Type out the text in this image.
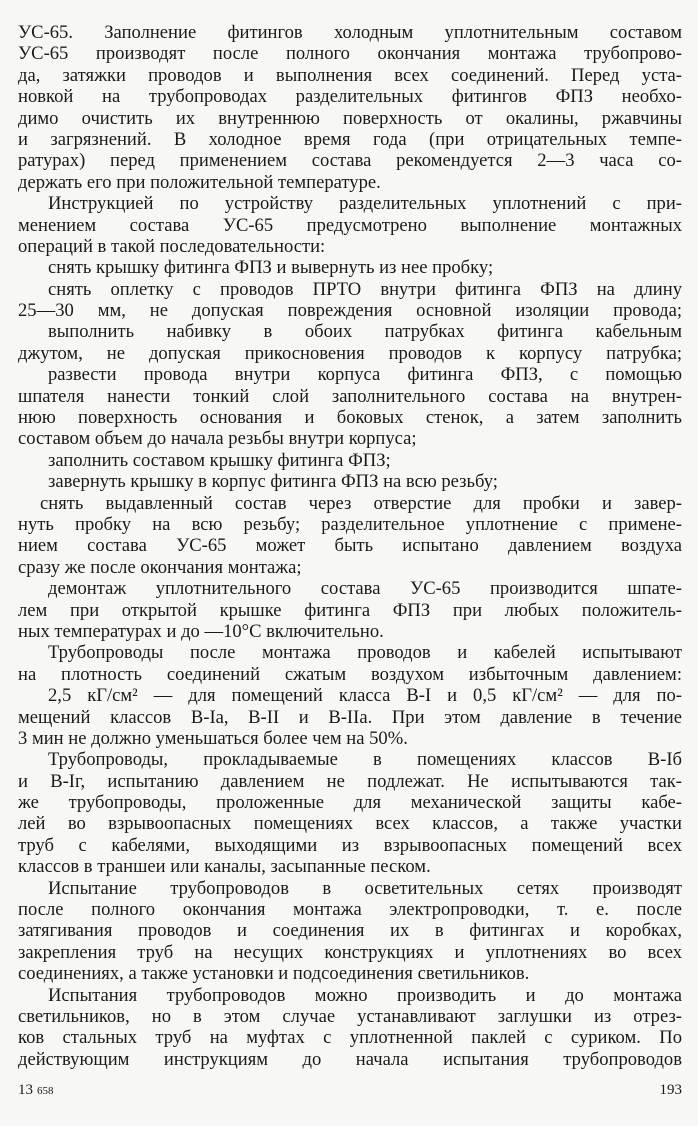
УС-65. Заполнение фитингов холодным уплотнительным составом
УС-65 производят после полного окончания монтажа трубопрово-
да, затяжки проводов и выполнения всех соединений. Перед уста-
новкой на трубопроводах разделительных фитингов ФПЗ необхо-
димо очистить их внутреннюю поверхность от окалины, ржавчины
и загрязнений. В холодное время года (при отрицательных темпе-
ратурах) перед применением состава рекомендуется 2—3 часа со-
держать его при положительной температуре.
Инструкцией по устройству разделительных уплотнений с при-
менением состава УС-65 предусмотрено выполнение монтажных
операций в такой последовательности:
снять крышку фитинга ФПЗ и вывернуть из нее пробку;
снять оплетку с проводов ПРТО внутри фитинга ФПЗ на длину
25—30 мм, не допуская повреждения основной изоляции провода;
выполнить набивку в обоих патрубках фитинга кабельным
джутом, не допуская прикосновения проводов к корпусу патрубка;
развести провода внутри корпуса фитинга ФПЗ, с помощью
шпателя нанести тонкий слой заполнительного состава на внутрен-
нюю поверхность основания и боковых стенок, а затем заполнить
составом объем до начала резьбы внутри корпуса;
заполнить составом крышку фитинга ФПЗ;
завернуть крышку в корпус фитинга ФПЗ на всю резьбу;
снять выдавленный состав через отверстие для пробки и завер-
нуть пробку на всю резьбу; разделительное уплотнение с примене-
нием состава УС-65 может быть испытано давлением воздуха
сразу же после окончания монтажа;
демонтаж уплотнительного состава УС-65 производится шпате-
лем при открытой крышке фитинга ФПЗ при любых положитель-
ных температурах и до —10°С включительно.
Трубопроводы после монтажа проводов и кабелей испытывают
на плотность соединений сжатым воздухом избыточным давлением:
2,5 кГ/см² — для помещений класса В-I и 0,5 кГ/см² — для по-
мещений классов В-Iа, В-II и В-IIа. При этом давление в течение
3 мин не должно уменьшаться более чем на 50%.
Трубопроводы, прокладываемые в помещениях классов В-Iб
и В-Iг, испытанию давлением не подлежат. Не испытываются так-
же трубопроводы, проложенные для механической защиты кабе-
лей во взрывоопасных помещениях всех классов, а также участки
труб с кабелями, выходящими из взрывоопасных помещений всех
классов в траншеи или каналы, засыпанные песком.
Испытание трубопроводов в осветительных сетях производят
после полного окончания монтажа электропроводки, т. е. после
затягивания проводов и соединения их в фитингах и коробках,
закрепления труб на несущих конструкциях и уплотнениях во всех
соединениях, а также установки и подсоединения светильников.
Испытания трубопроводов можно производить и до монтажа
светильников, но в этом случае устанавливают заглушки из отрез-
ков стальных труб на муфтах с уплотненной паклей с суриком. По
действующим инструкциям до начала испытания трубопроводов
13 658	193
